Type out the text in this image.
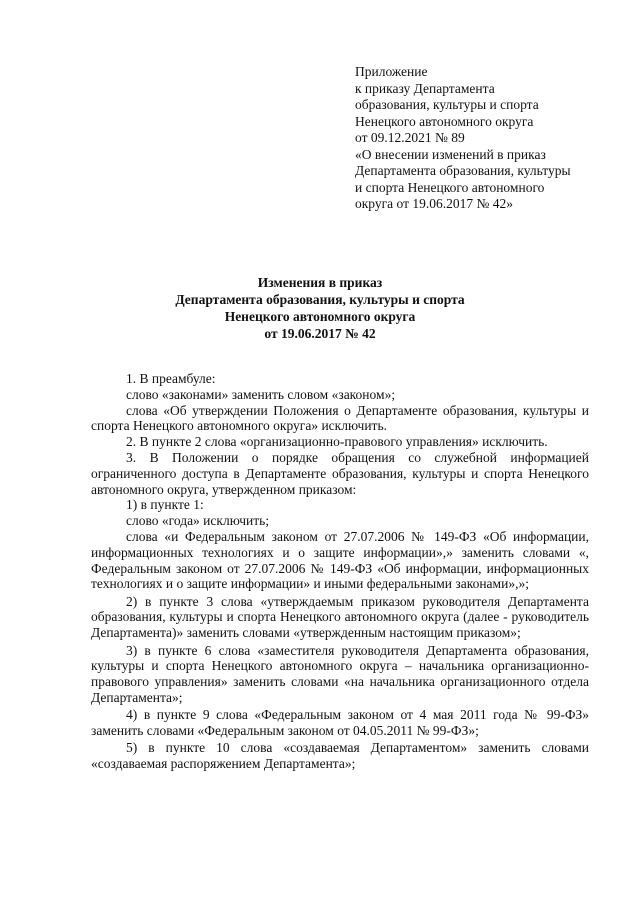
Приложение
к приказу Департамента
образования, культуры и спорта
Ненецкого автономного округа
от 09.12.2021 № 89
«О внесении изменений в приказ
Департамента образования, культуры
и спорта Ненецкого автономного
округа от 19.06.2017 № 42»
Изменения в приказ
Департамента образования, культуры и спорта
Ненецкого автономного округа
от 19.06.2017 № 42

1. В преамбуле:

слово «законами» заменить словом «законом»;

слова «Об утверждении Положения о Департаменте образования, культуры и спорта Ненецкого автономного округа» исключить.

2. В пункте 2 слова «организационно-правового управления» исключить.

3. В Положении о порядке обращения со служебной информацией ограниченного доступа в Департаменте образования, культуры и спорта Ненецкого автономного округа, утвержденном приказом:

1) в пункте 1:

слово «года» исключить;

слова «и Федеральным законом от 27.07.2006 № 149-ФЗ «Об информации, информационных технологиях и о защите информации»,» заменить словами «, Федеральным законом от 27.07.2006 № 149-ФЗ «Об информации, информационных технологиях и о защите информации» и иными федеральными законами»,»;

2) в пункте 3 слова «утверждаемым приказом руководителя Департамента образования, культуры и спорта Ненецкого автономного округа (далее - руководитель Департамента)» заменить словами «утвержденным настоящим приказом»;

3) в пункте 6 слова «заместителя руководителя Департамента образования, культуры и спорта Ненецкого автономного округа – начальника организационно-правового управления» заменить словами «на начальника организационного отдела Департамента»;

4) в пункте 9 слова «Федеральным законом от 4 мая 2011 года № 99-ФЗ» заменить словами «Федеральным законом от 04.05.2011 № 99-ФЗ»;

5) в пункте 10 слова «создаваемая Департаментом» заменить словами «создаваемая распоряжением Департамента»;
